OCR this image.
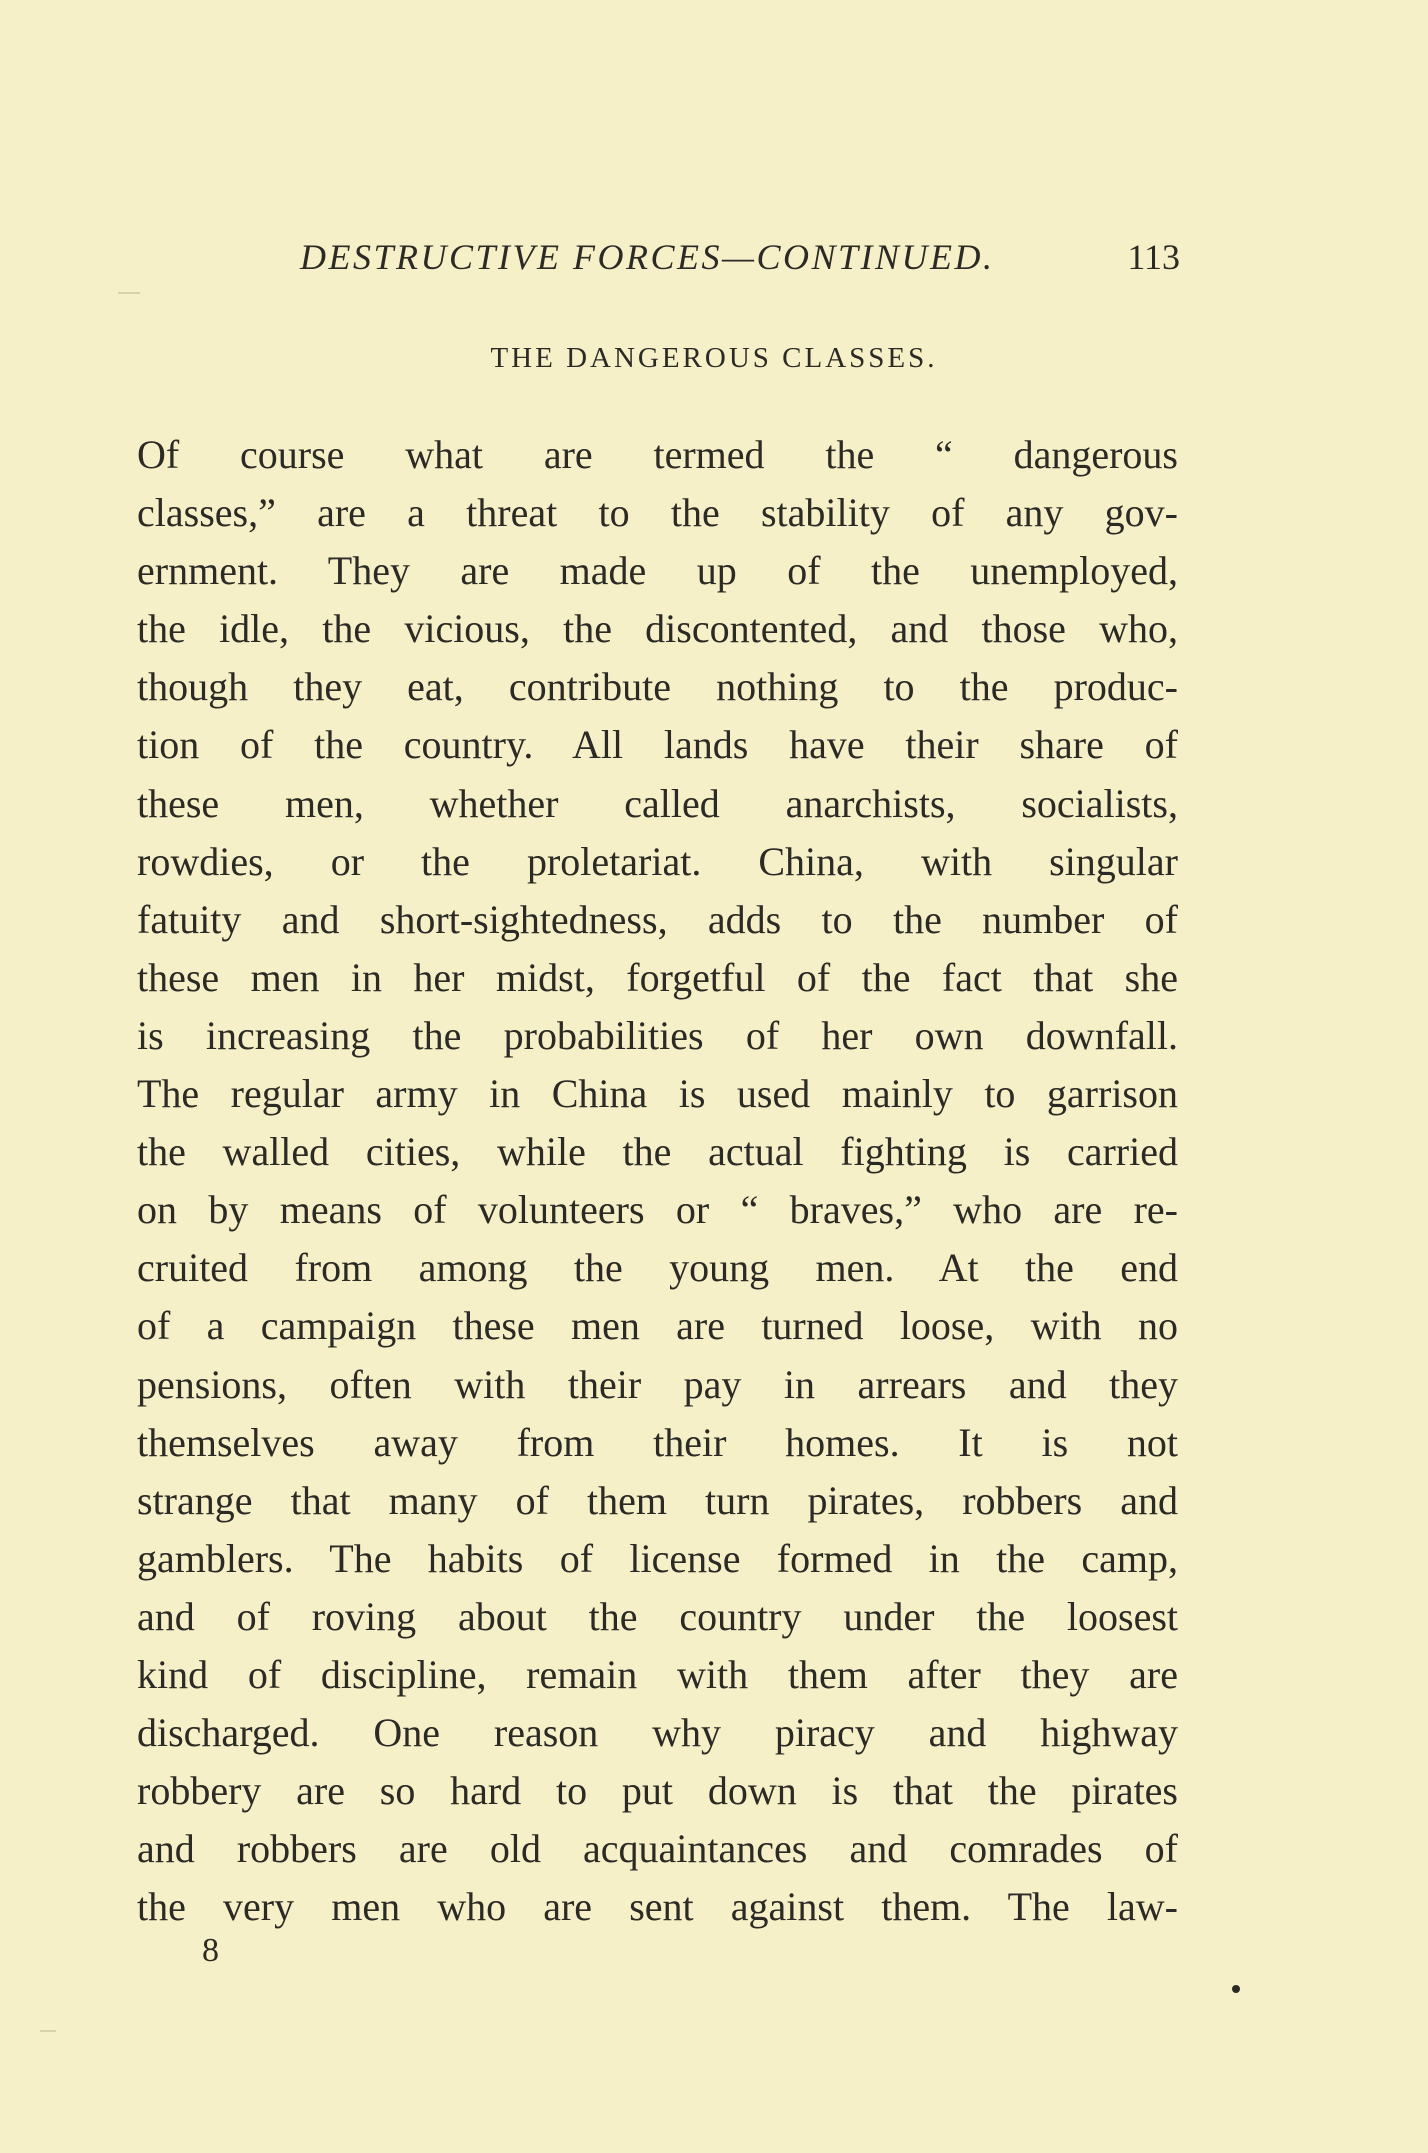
DESTRUCTIVE FORCES—CONTINUED.	113
THE DANGEROUS CLASSES.
Of course what are termed the “ dangerous
classes,” are a threat to the stability of any gov-
ernment. They are made up of the unemployed,
the idle, the vicious, the discontented, and those who,
though they eat, contribute nothing to the produc-
tion of the country. All lands have their share of
these men, whether called anarchists, socialists,
rowdies, or the proletariat. China, with singular
fatuity and short-sightedness, adds to the number of
these men in her midst, forgetful of the fact that she
is increasing the probabilities of her own downfall.
The regular army in China is used mainly to garrison
the walled cities, while the actual fighting is carried
on by means of volunteers or “ braves,” who are re-
cruited from among the young men. At the end
of a campaign these men are turned loose, with no
pensions, often with their pay in arrears and they
themselves away from their homes. It is not
strange that many of them turn pirates, robbers and
gamblers. The habits of license formed in the camp,
and of roving about the country under the loosest
kind of discipline, remain with them after they are
discharged. One reason why piracy and highway
robbery are so hard to put down is that the pirates
and robbers are old acquaintances and comrades of
the very men who are sent against them. The law-
8
